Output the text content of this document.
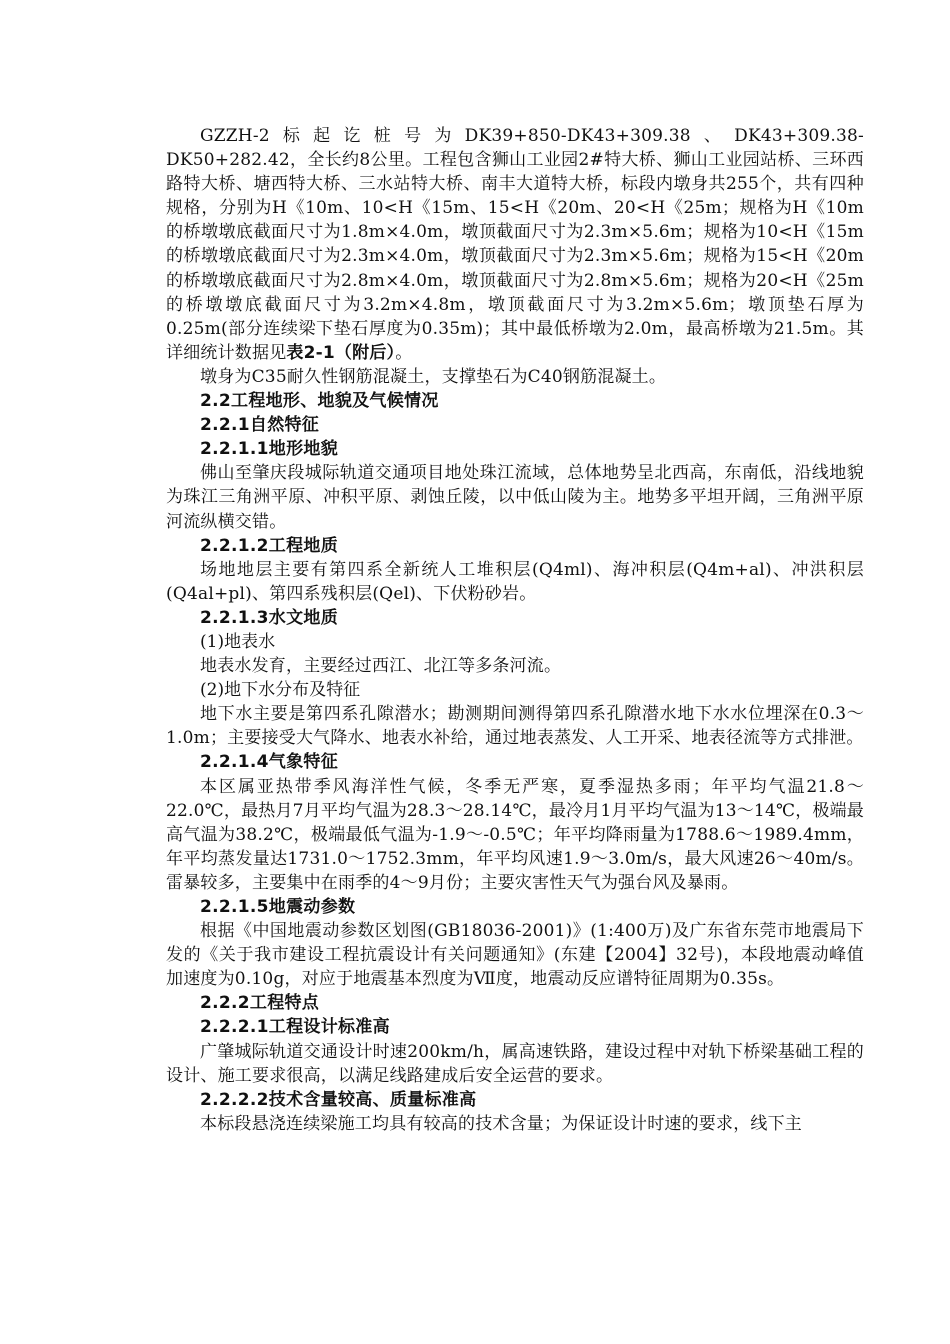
GZZH-2标起讫桩号为DK39+850-DK43+309.38、DK43+309.38-DK50+282.42，全长约8公里。工程包含狮山工业园2#特大桥、狮山工业园站桥、三环西路特大桥、塘西特大桥、三水站特大桥、南丰大道特大桥，标段内墩身共255个，共有四种规格，分别为H《10m、10<H《15m、15<H《20m、20<H《25m；规格为H《10m的桥墩墩底截面尺寸为1.8m×4.0m，墩顶截面尺寸为2.3m×5.6m；规格为10<H《15m的桥墩墩底截面尺寸为2.3m×4.0m，墩顶截面尺寸为2.3m×5.6m；规格为15<H《20m的桥墩墩底截面尺寸为2.8m×4.0m，墩顶截面尺寸为2.8m×5.6m；规格为20<H《25m的桥墩墩底截面尺寸为3.2m×4.8m，墩顶截面尺寸为3.2m×5.6m；墩顶垫石厚为0.25m(部分连续梁下垫石厚度为0.35m)；其中最低桥墩为2.0m，最高桥墩为21.5m。其详细统计数据见表2-1（附后）。

墩身为C35耐久性钢筋混凝土，支撑垫石为C40钢筋混凝土。

2.2工程地形、地貌及气候情况

2.2.1自然特征

2.2.1.1地形地貌

佛山至肇庆段城际轨道交通项目地处珠江流域，总体地势呈北西高，东南低，沿线地貌为珠江三角洲平原、冲积平原、剥蚀丘陵，以中低山陵为主。地势多平坦开阔，三角洲平原河流纵横交错。

2.2.1.2工程地质

场地地层主要有第四系全新统人工堆积层(Q4ml)、海冲积层(Q4m+al)、冲洪积层(Q4al+pl)、第四系残积层(Qel)、下伏粉砂岩。

2.2.1.3水文地质

(1)地表水

地表水发育，主要经过西江、北江等多条河流。

(2)地下水分布及特征

地下水主要是第四系孔隙潜水；勘测期间测得第四系孔隙潜水地下水水位埋深在0.3～1.0m；主要接受大气降水、地表水补给，通过地表蒸发、人工开采、地表径流等方式排泄。

2.2.1.4气象特征

本区属亚热带季风海洋性气候，冬季无严寒，夏季湿热多雨；年平均气温21.8～22.0℃，最热月7月平均气温为28.3～28.14℃，最冷月1月平均气温为13～14℃，极端最高气温为38.2℃，极端最低气温为-1.9～-0.5℃；年平均降雨量为1788.6～1989.4mm，年平均蒸发量达1731.0～1752.3mm，年平均风速1.9～3.0m/s，最大风速26～40m/s。雷暴较多，主要集中在雨季的4～9月份；主要灾害性天气为强台风及暴雨。

2.2.1.5地震动参数

根据《中国地震动参数区划图(GB18036-2001)》(1:400万)及广东省东莞市地震局下发的《关于我市建设工程抗震设计有关问题通知》(东建【2004】32号)，本段地震动峰值加速度为0.10g，对应于地震基本烈度为Ⅶ度，地震动反应谱特征周期为0.35s。

2.2.2工程特点

2.2.2.1工程设计标准高

广肇城际轨道交通设计时速200km/h，属高速铁路，建设过程中对轨下桥梁基础工程的设计、施工要求很高，以满足线路建成后安全运营的要求。

2.2.2.2技术含量较高、质量标准高

本标段悬浇连续梁施工均具有较高的技术含量；为保证设计时速的要求，线下主
